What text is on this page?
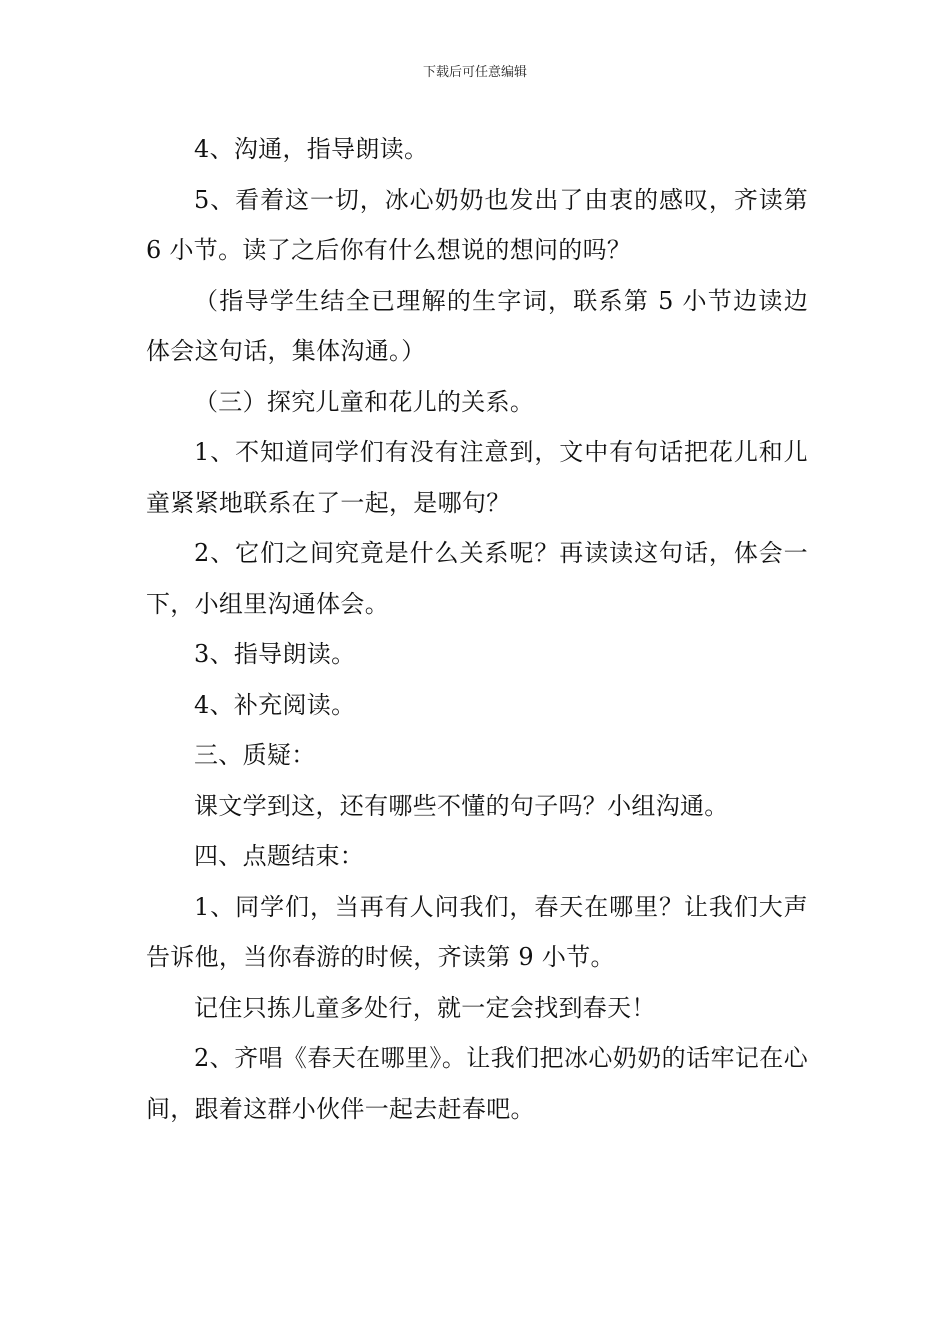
下载后可任意编辑

4、沟通，指导朗读。

5、看着这一切，冰心奶奶也发出了由衷的感叹，齐读第 6 小节。读了之后你有什么想说的想问的吗？

（指导学生结全已理解的生字词，联系第 5 小节边读边体会这句话，集体沟通。）

（三）探究儿童和花儿的关系。

1、不知道同学们有没有注意到，文中有句话把花儿和儿童紧紧地联系在了一起，是哪句？

2、它们之间究竟是什么关系呢？再读读这句话，体会一下，小组里沟通体会。

3、指导朗读。

4、补充阅读。

三、质疑：

课文学到这，还有哪些不懂的句子吗？小组沟通。

四、点题结束：

1、同学们，当再有人问我们，春天在哪里？让我们大声告诉他，当你春游的时候，齐读第 9 小节。

记住只拣儿童多处行，就一定会找到春天！

2、齐唱《春天在哪里》。让我们把冰心奶奶的话牢记在心间，跟着这群小伙伴一起去赶春吧。
